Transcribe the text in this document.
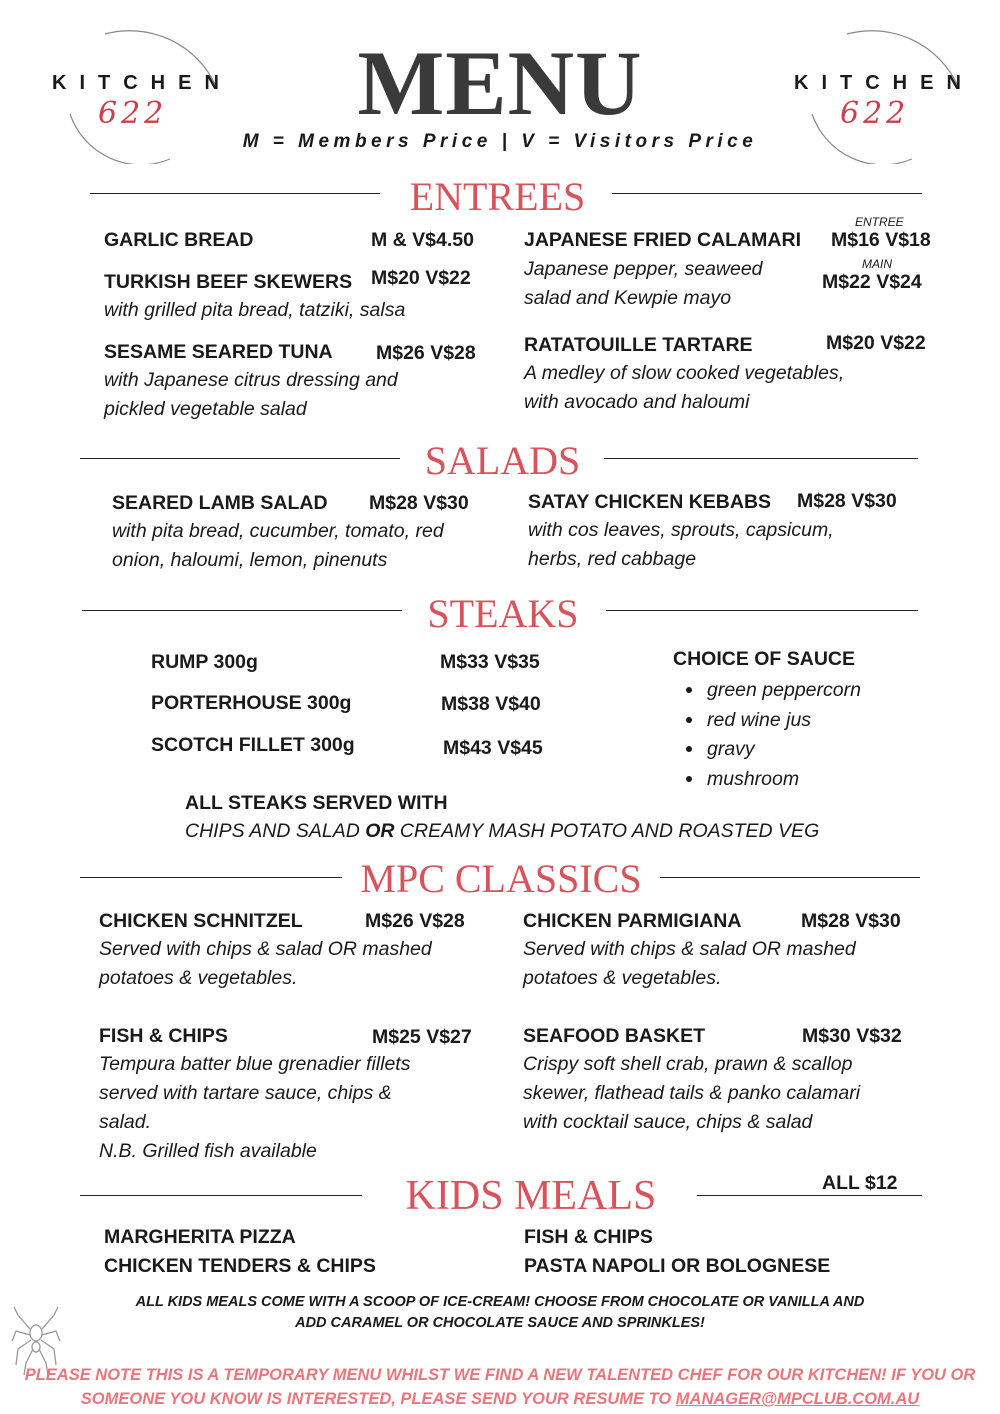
KITCHEN
622
KITCHEN
622
MENU
M = Members Price | V = Visitors Price
ENTREES
GARLIC BREAD	M & V$4.50
TURKISH BEEF SKEWERS M$20 V$22
with grilled pita bread, tatziki, salsa
SESAME SEARED TUNA M$26 V$28
with Japanese citrus dressing and
pickled vegetable salad
JAPANESE FRIED CALAMARI
ENTREE
M$16 V$18
MAIN
M$22 V$24
Japanese pepper, seaweed
salad and Kewpie mayo
RATATOUILLE TARTARE	M$20 V$22
A medley of slow cooked vegetables,
with avocado and haloumi
SALADS
SEARED LAMB SALAD M$28 V$30
with pita bread, cucumber, tomato, red
onion, haloumi, lemon, pinenuts
SATAY CHICKEN KEBABS M$28 V$30
with cos leaves, sprouts, capsicum,
herbs, red cabbage
STEAKS
RUMP 300g	M$33 V$35
PORTERHOUSE 300g	M$38 V$40
SCOTCH FILLET 300g	M$43 V$45
CHOICE OF SAUCE
green peppercorn
red wine jus
gravy
mushroom
ALL STEAKS SERVED WITH
CHIPS AND SALAD OR CREAMY MASH POTATO AND ROASTED VEG
MPC CLASSICS
CHICKEN SCHNITZEL	M$26 V$28
Served with chips & salad OR mashed
potatoes & vegetables.
CHICKEN PARMIGIANA	M$28 V$30
Served with chips & salad OR mashed
potatoes & vegetables.
FISH & CHIPS	M$25 V$27
Tempura batter blue grenadier fillets
served with tartare sauce, chips &
salad.
N.B. Grilled fish available
SEAFOOD BASKET	M$30 V$32
Crispy soft shell crab, prawn & scallop
skewer, flathead tails & panko calamari
with cocktail sauce, chips & salad
KIDS MEALS	ALL $12
MARGHERITA PIZZA
CHICKEN TENDERS & CHIPS
FISH & CHIPS
PASTA NAPOLI OR BOLOGNESE
ALL KIDS MEALS COME WITH A SCOOP OF ICE-CREAM! CHOOSE FROM CHOCOLATE OR VANILLA AND
ADD CARAMEL OR CHOCOLATE SAUCE AND SPRINKLES!
PLEASE NOTE THIS IS A TEMPORARY MENU WHILST WE FIND A NEW TALENTED CHEF FOR OUR KITCHEN! IF YOU OR
SOMEONE YOU KNOW IS INTERESTED, PLEASE SEND YOUR RESUME TO MANAGER@MPCLUB.COM.AU
